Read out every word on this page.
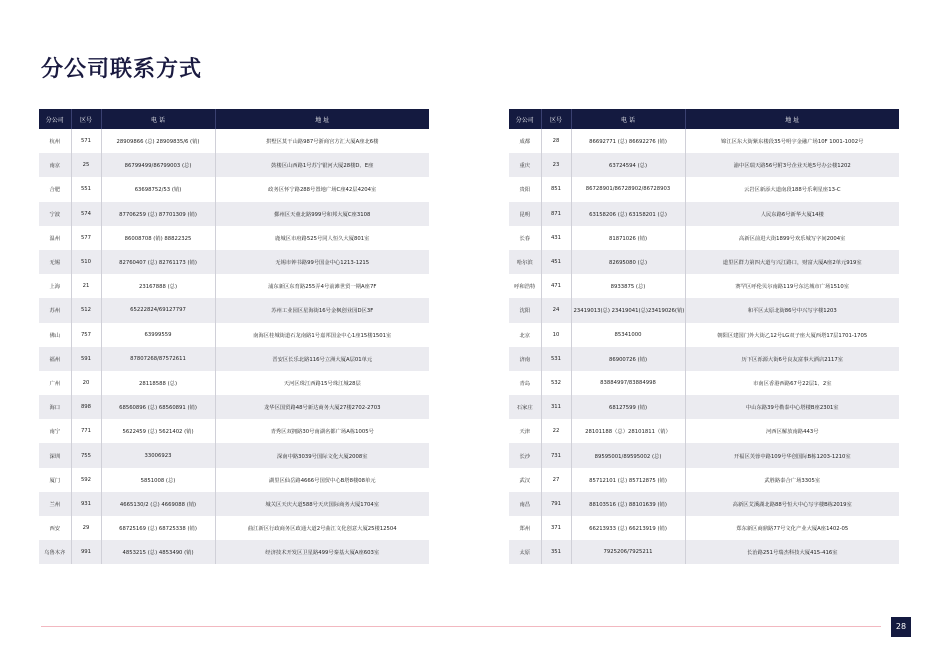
分公司联系方式
分公司	区号	电 话	地 址
杭州	571	28909866 (总) 28909835/6 (销)	拱墅区莫干山路987号浙商宫方汇大厦A座北6楼
南京	25	86799499/86799003 (总)	鼓楼区山西路1号苏宁银河大厦28楼D、E座
合肥	551	63698752/53 (销)	政务区怀宁路288号置地广场C座42层4204室
宁波	574	87706259 (总) 87701309 (销)	鄞州区天童北路999号和邦大厦C座3108
温州	577	86008708 (销) 88822325	鹿城区市府路525号同人恒久大厦801室
无锡	510	82760407 (总) 82761173 (销)	无锡市钟书路99号国金中心1213-1215
上海	21	23167888 (总)	浦东新区东育路255弄4号前滩世贸一期A座7F
苏州	512	65222824/69127797	苏州工业园区星海街16号金枫创业园D区3F
佛山	757	63999559	南海区桂城街道石龙南路1号嘉邦国金中心1座15楼1501室
福州	591	87807268/87572611	晋安区长乐北路116号立洲大厦A层01单元
广州	20	28118588 (总)	天河区珠江西路15号珠江城28层
海口	898	68560896 (总) 68560891 (销)	龙华区国贸路48号新达商务大厦27楼2702-2703
南宁	771	5622459 (总) 5621402 (销)	青秀区双拥路30号南湖名都广场A栋1005号
深圳	755	33006923	深南中路3039号国际文化大厦2008室
厦门	592	5851008 (总)	湖里区仙岳路4666号国贸中心B塔8楼08单元
兰州	931	4665130/2 (总) 4669088 (销)	城关区天庆大道588号天庆国际商务大厦1704室
西安	29	68725169 (总) 68725338 (销)	曲江新区行政商务区政通大道2号曲江文化创意大厦25楼12504
乌鲁木齐	991	4853215 (总) 4853490 (销)	经济技术开发区卫星路499号秦基大厦A座603室
分公司	区号	电 话	地 址
成都	28	86692771 (总) 86692276 (销)	锦江区东大街紫东楼段35号明宇金融广场10F 1001-1002号
重庆	23	63724594 (总)	渝中区瑞天路56号附3号企业天地5号办公楼1202
贵阳	851	86728901/86728902/86728903	云岩区新添大道南段188号乐利星座13-C
昆明	871	63158206 (总) 63158201 (总)	人民东路6号新华大厦14楼
长春	431	81871026 (销)	高新区前进大街1899号欢乐城写字间2004室
哈尔滨	451	82695080 (总)	道里区群力第四大道与兴江路口，财富大厦A座2单元919室
呼和浩特	471	8933875 (总)	赛罕区呼伦贝尔南路119号东达城市广场1510室
沈阳	24	23419013(总) 23419041(总)23419026(销)	和平区太原北街86号中兴写字楼1203
北京	10	85341000	朝阳区建国门外大街乙12号LG双子座大厦西塔17层1701-1705
济南	531	86900726 (销)	历下区泺源大街6号良友富事大酒店2117室
青岛	532	83884997/83884998	市南区香港西路67号22层1、2室
石家庄	311	68127599 (销)	中山东路39号勒泰中心塔楼B座2301室
天津	22	28101188（总）28101811（销）	河西区解放南路443号
长沙	731	89595001/89595002 (总)	开福区芙蓉中路109号华创国际B栋1203-1210室
武汉	27	85712101 (总) 85712875 (销)	武胜路泰合广场3305室
南昌	791	88103516 (总) 88101639 (销)	高新区艾溪湖北路88号恒大中心写字楼B栋2019室
郑州	371	66213933 (总) 66213919 (销)	郑东新区商鼎路77号文化产业大厦A座1402-05
太原	351	7925206/7925211	长治路251号瑞杰科技大厦415-416室
28
